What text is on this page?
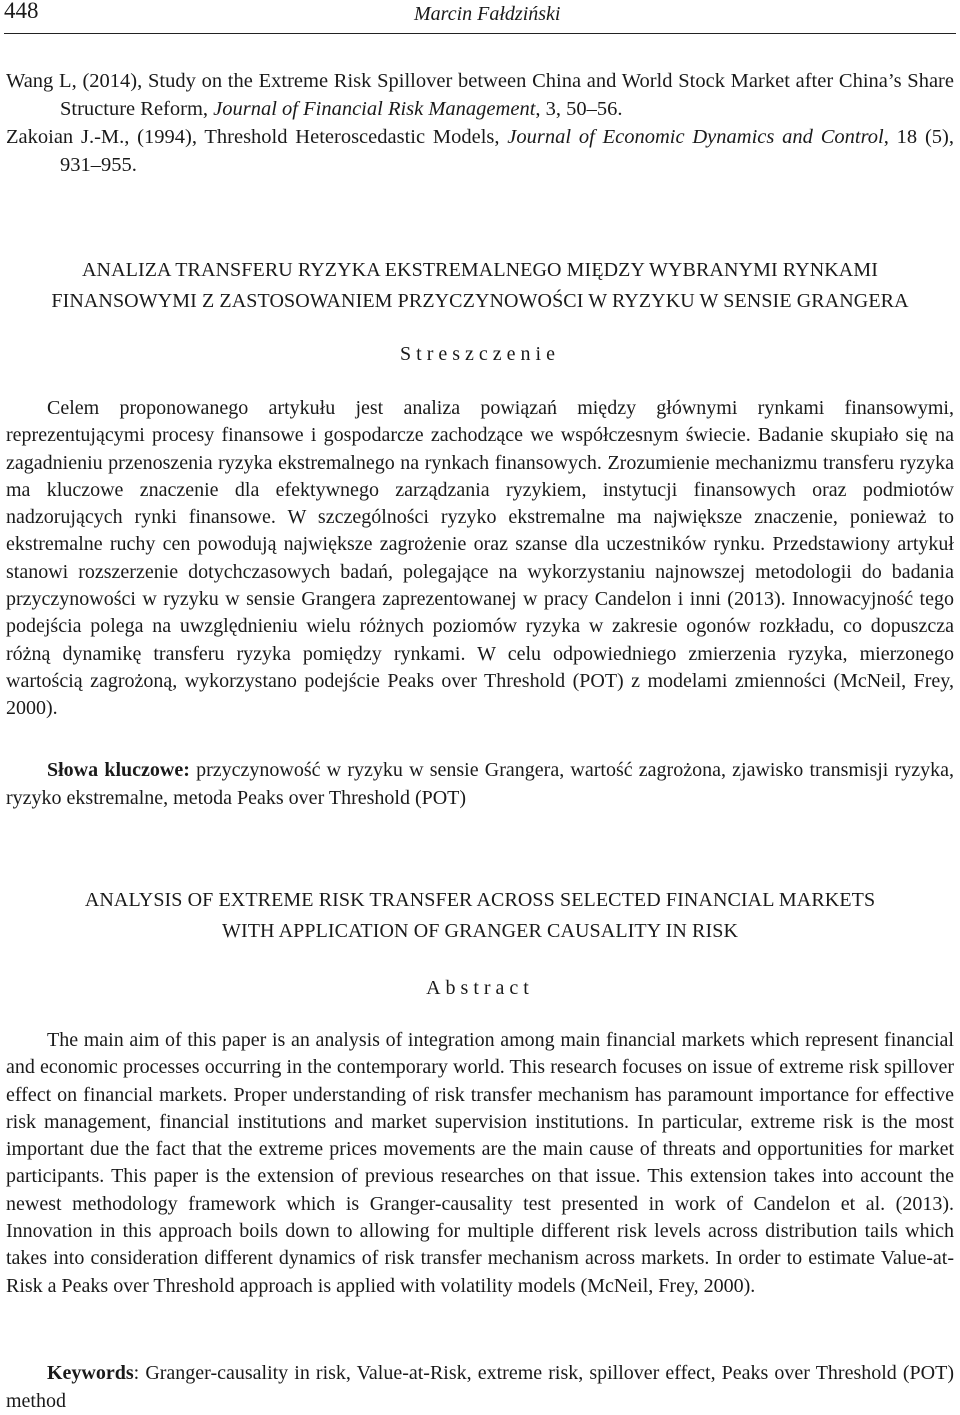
448	Marcin Fałdziński
Wang L, (2014), Study on the Extreme Risk Spillover between China and World Stock Market after China’s Share Structure Reform, Journal of Financial Risk Management, 3, 50–56.
Zakoian J.-M., (1994), Threshold Heteroscedastic Models, Journal of Economic Dynamics and Control, 18 (5), 931–955.
ANALIZA TRANSFERU RYZYKA EKSTREMALNEGO MIĘDZY WYBRANYMI RYNKAMI
FINANSOWYMI Z ZASTOSOWANIEM PRZYCZYNOWOŚCI W RYZYKU W SENSIE GRANGERA
Streszczenie

Celem proponowanego artykułu jest analiza powiązań między głównymi rynkami finansowymi, reprezentującymi procesy finansowe i gospodarcze zachodzące we współczesnym świecie. Badanie skupiało się na zagadnieniu przenoszenia ryzyka ekstremalnego na rynkach finansowych. Zrozumienie mechanizmu transferu ryzyka ma kluczowe znaczenie dla efektywnego zarządzania ryzykiem, instytucji finansowych oraz podmiotów nadzorujących rynki finansowe. W szczególności ryzyko ekstremalne ma największe znaczenie, ponieważ to ekstremalne ruchy cen powodują największe zagrożenie oraz szanse dla uczestników rynku. Przedstawiony artykuł stanowi rozszerzenie dotychczasowych badań, polegające na wykorzystaniu najnowszej metodologii do badania przyczynowości w ryzyku w sensie Grangera zaprezentowanej w pracy Candelon i inni (2013). Innowacyjność tego podejścia polega na uwzględnieniu wielu różnych poziomów ryzyka w zakresie ogonów rozkładu, co dopuszcza różną dynamikę transferu ryzyka pomiędzy rynkami. W celu odpowiedniego zmierzenia ryzyka, mierzonego wartością zagrożoną, wykorzystano podejście Peaks over Threshold (POT) z modelami zmienności (McNeil, Frey, 2000).

Słowa kluczowe: przyczynowość w ryzyku w sensie Grangera, wartość zagrożona, zjawisko transmisji ryzyka, ryzyko ekstremalne, metoda Peaks over Threshold (POT)

ANALYSIS OF EXTREME RISK TRANSFER ACROSS SELECTED FINANCIAL MARKETS
WITH APPLICATION OF GRANGER CAUSALITY IN RISK
Abstract

The main aim of this paper is an analysis of integration among main financial markets which represent financial and economic processes occurring in the contemporary world. This research focuses on issue of extreme risk spillover effect on financial markets. Proper understanding of risk transfer mechanism has paramount importance for effective risk management, financial institutions and market supervision institutions. In particular, extreme risk is the most important due the fact that the extreme prices movements are the main cause of threats and opportunities for market participants. This paper is the extension of previous researches on that issue. This extension takes into account the newest methodology framework which is Granger-causality test presented in work of Candelon et al. (2013). Innovation in this approach boils down to allowing for multiple different risk levels across distribution tails which takes into consideration different dynamics of risk transfer mechanism across markets. In order to estimate Value-at-Risk a Peaks over Threshold approach is applied with volatility models (McNeil, Frey, 2000).

Keywords: Granger-causality in risk, Value-at-Risk, extreme risk, spillover effect, Peaks over Threshold (POT) method
